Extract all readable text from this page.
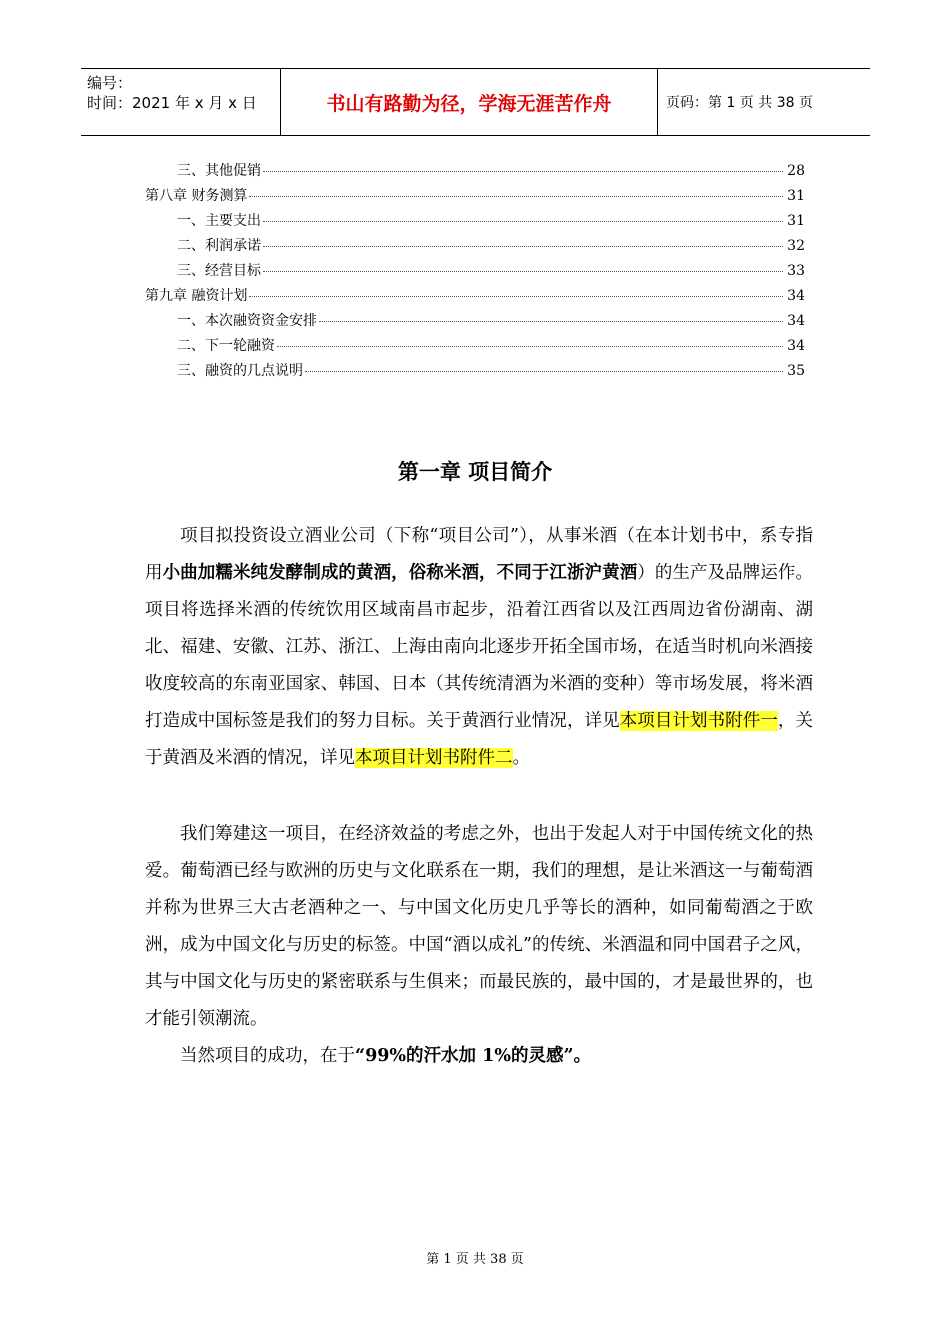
编号：
时间：2021 年 x 月 x 日	书山有路勤为径，学海无涯苦作舟	页码：第 1 页 共 38 页
三、其他促销	28
第八章 财务测算	31
一、主要支出	31
二、利润承诺	32
三、经营目标	33
第九章 融资计划	34
一、本次融资资金安排	34
二、下一轮融资	34
三、融资的几点说明	35
第一章 项目简介

项目拟投资设立酒业公司（下称“项目公司”），从事米酒（在本计划书中，系专指用小曲加糯米纯发酵制成的黄酒，俗称米酒，不同于江浙沪黄酒）的生产及品牌运作。项目将选择米酒的传统饮用区域南昌市起步，沿着江西省以及江西周边省份湖南、湖北、福建、安徽、江苏、浙江、上海由南向北逐步开拓全国市场，在适当时机向米酒接收度较高的东南亚国家、韩国、日本（其传统清酒为米酒的变种）等市场发展，将米酒打造成中国标签是我们的努力目标。关于黄酒行业情况，详见本项目计划书附件一，关于黄酒及米酒的情况，详见本项目计划书附件二。

我们筹建这一项目，在经济效益的考虑之外，也出于发起人对于中国传统文化的热爱。葡萄酒已经与欧洲的历史与文化联系在一期，我们的理想，是让米酒这一与葡萄酒并称为世界三大古老酒种之一、与中国文化历史几乎等长的酒种，如同葡萄酒之于欧洲，成为中国文化与历史的标签。中国“酒以成礼”的传统、米酒温和同中国君子之风，其与中国文化与历史的紧密联系与生俱来；而最民族的，最中国的，才是最世界的，也才能引领潮流。

当然项目的成功，在于“99%的汗水加 1%的灵感”。

第 1 页 共 38 页
